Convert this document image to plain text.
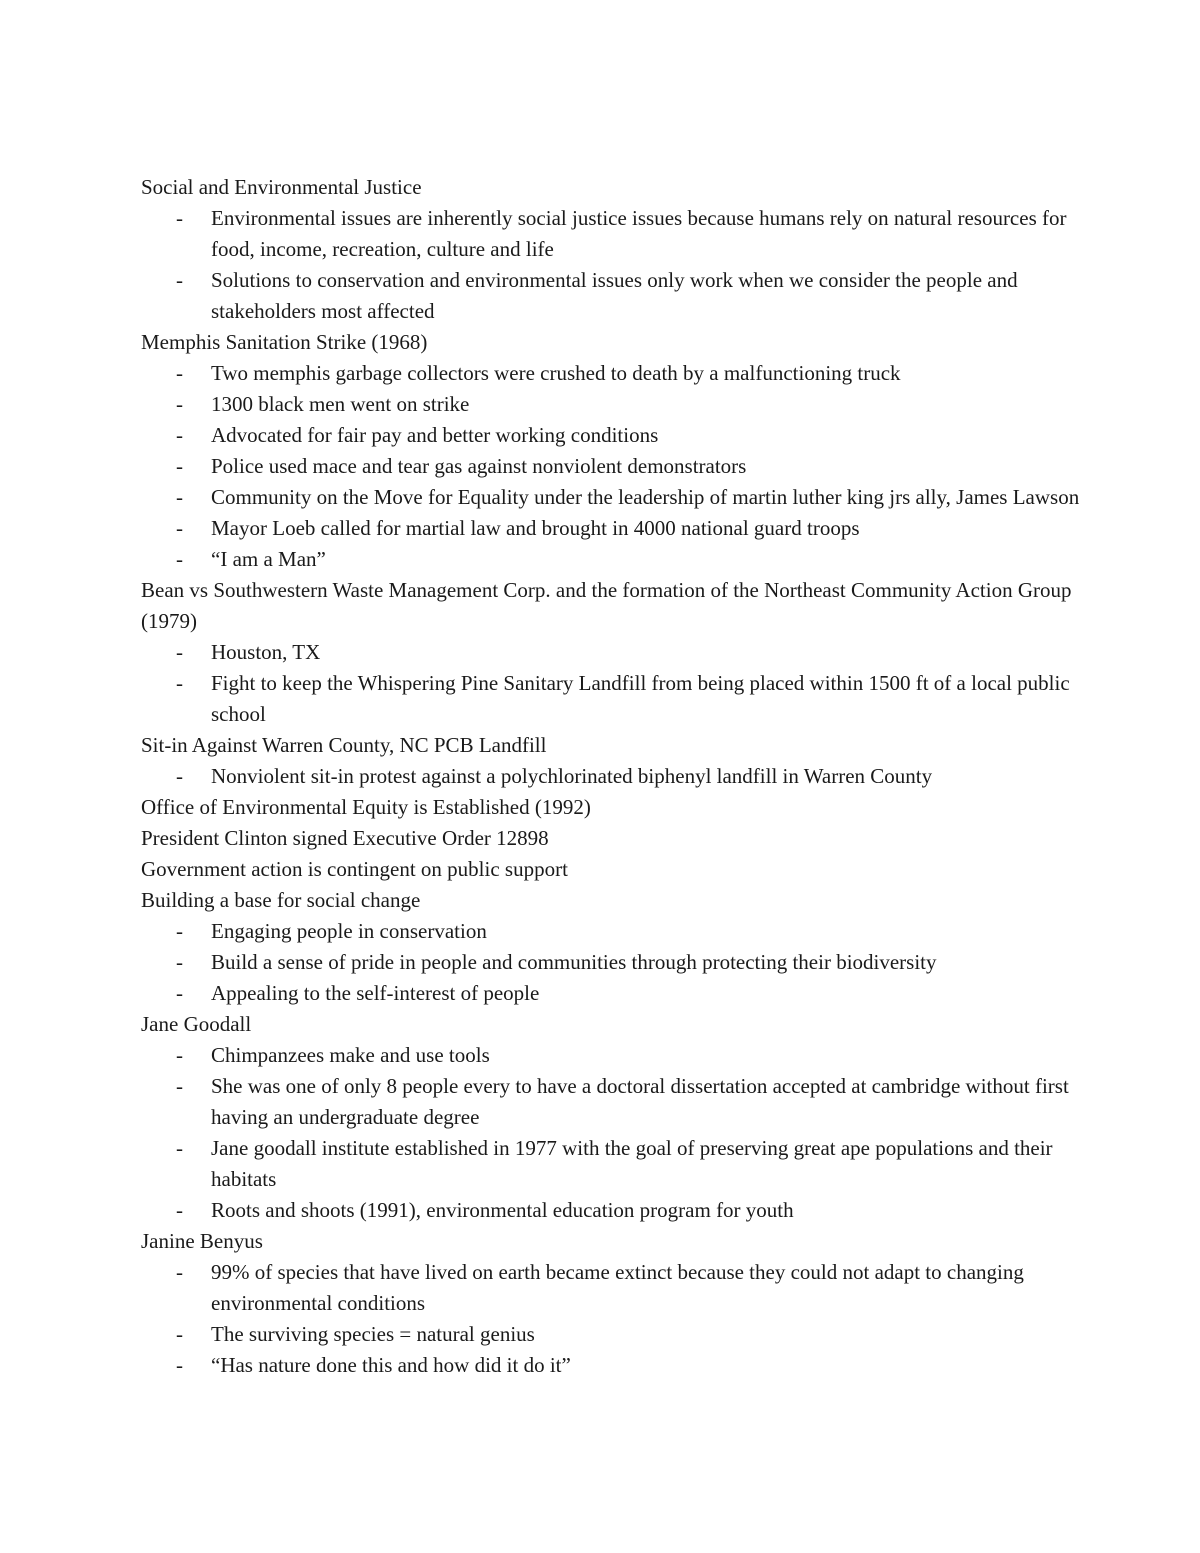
Social and Environmental Justice
- Environmental issues are inherently social justice issues because humans rely on natural resources for food, income, recreation, culture and life
- Solutions to conservation and environmental issues only work when we consider the people and stakeholders most affected
Memphis Sanitation Strike (1968)
- Two memphis garbage collectors were crushed to death by a malfunctioning truck
- 1300 black men went on strike
- Advocated for fair pay and better working conditions
- Police used mace and tear gas against nonviolent demonstrators
- Community on the Move for Equality under the leadership of martin luther king jrs ally, James Lawson
- Mayor Loeb called for martial law and brought in 4000 national guard troops
- “I am a Man”
Bean vs Southwestern Waste Management Corp. and the formation of the Northeast Community Action Group (1979)
- Houston, TX
- Fight to keep the Whispering Pine Sanitary Landfill from being placed within 1500 ft of a local public school
Sit-in Against Warren County, NC PCB Landfill
- Nonviolent sit-in protest against a polychlorinated biphenyl landfill in Warren County
Office of Environmental Equity is Established (1992)
President Clinton signed Executive Order 12898
Government action is contingent on public support
Building a base for social change
- Engaging people in conservation
- Build a sense of pride in people and communities through protecting their biodiversity
- Appealing to the self-interest of people
Jane Goodall
- Chimpanzees make and use tools
- She was one of only 8 people every to have a doctoral dissertation accepted at cambridge without first having an undergraduate degree
- Jane goodall institute established in 1977 with the goal of preserving great ape populations and their habitats
- Roots and shoots (1991), environmental education program for youth
Janine Benyus
- 99% of species that have lived on earth became extinct because they could not adapt to changing environmental conditions
- The surviving species = natural genius
- “Has nature done this and how did it do it”
